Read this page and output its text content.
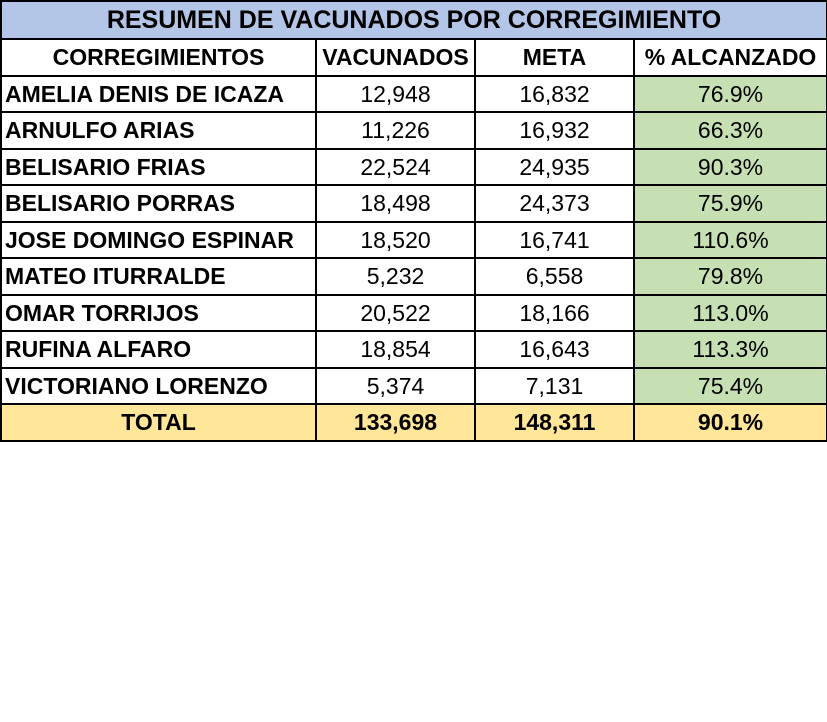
RESUMEN DE VACUNADOS POR CORREGIMIENTO			
CORREGIMIENTOS	VACUNADOS	META	% ALCANZADO
AMELIA DENIS DE ICAZA	12,948	16,832	76.9%
ARNULFO ARIAS	11,226	16,932	66.3%
BELISARIO FRIAS	22,524	24,935	90.3%
BELISARIO PORRAS	18,498	24,373	75.9%
JOSE DOMINGO ESPINAR	18,520	16,741	110.6%
MATEO ITURRALDE	5,232	6,558	79.8%
OMAR TORRIJOS	20,522	18,166	113.0%
RUFINA ALFARO	18,854	16,643	113.3%
VICTORIANO LORENZO	5,374	7,131	75.4%
TOTAL	133,698	148,311	90.1%
